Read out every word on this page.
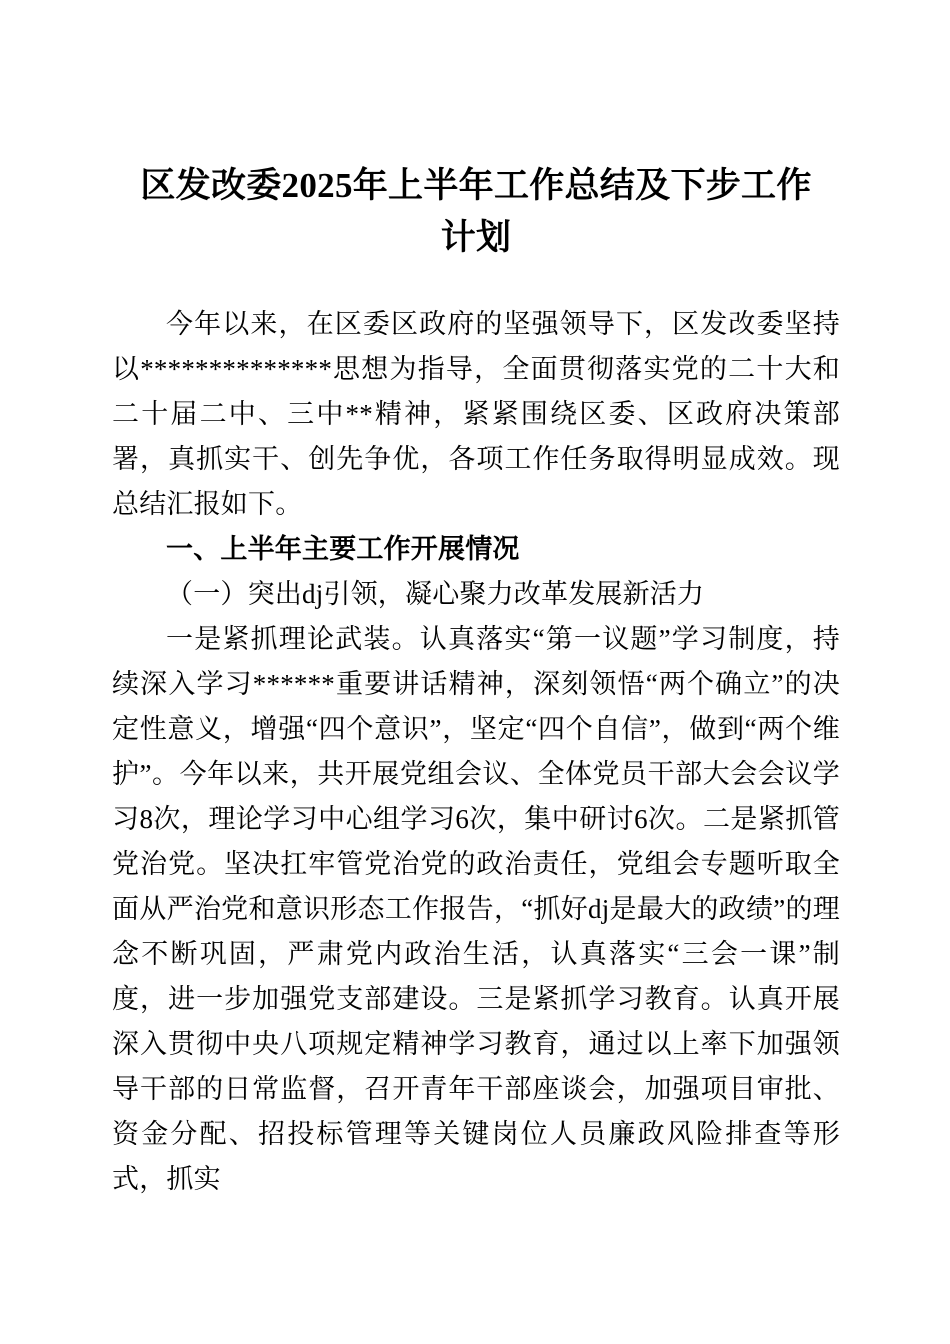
区发改委2025年上半年工作总结及下步工作计划

今年以来，在区委区政府的坚强领导下，区发改委坚持以**************思想为指导，全面贯彻落实党的二十大和二十届二中、三中**精神，紧紧围绕区委、区政府决策部署，真抓实干、创先争优，各项工作任务取得明显成效。现总结汇报如下。

一、上半年主要工作开展情况

（一）突出dj引领，凝心聚力改革发展新活力

一是紧抓理论武装。认真落实“第一议题”学习制度，持续深入学习******重要讲话精神，深刻领悟“两个确立”的决定性意义，增强“四个意识”，坚定“四个自信”，做到“两个维护”。今年以来，共开展党组会议、全体党员干部大会会议学习8次，理论学习中心组学习6次，集中研讨6次。二是紧抓管党治党。坚决扛牢管党治党的政治责任，党组会专题听取全面从严治党和意识形态工作报告，“抓好dj是最大的政绩”的理念不断巩固，严肃党内政治生活，认真落实“三会一课”制度，进一步加强党支部建设。三是紧抓学习教育。认真开展深入贯彻中央八项规定精神学习教育，通过以上率下加强领导干部的日常监督，召开青年干部座谈会，加强项目审批、资金分配、招投标管理等关键岗位人员廉政风险排查等形式，抓实
